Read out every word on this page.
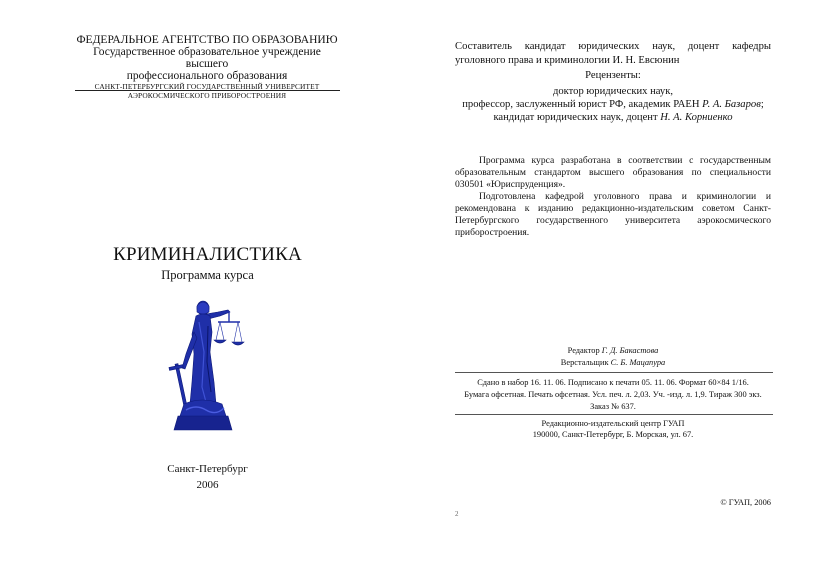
ФЕДЕРАЛЬНОЕ АГЕНТСТВО ПО ОБРАЗОВАНИЮ
Государственное образовательное учреждение высшего
профессионального образования
САНКТ-ПЕТЕРБУРГСКИЙ ГОСУДАРСТВЕННЫЙ УНИВЕРСИТЕТ
АЭРОКОСМИЧЕСКОГО ПРИБОРОСТРОЕНИЯ
КРИМИНАЛИСТИКА
Программа курса
Санкт-Петербург
2006
Составитель кандидат юридических наук, доцент кафедры уголовного права и криминологии И. Н. Евсюнин
Рецензенты:
доктор юридических наук,
профессор, заслуженный юрист РФ, академик РАЕН Р. А. Базаров;
кандидат юридических наук, доцент Н. А. Корниенко

Программа курса разработана в соответствии с государственным образовательным стандартом высшего образования по специальности 030501 «Юриспруденция».

Подготовлена кафедрой уголовного права и криминологии и рекомендована к изданию редакционно-издательским советом Санкт-Петербургского государственного университета аэрокосмического приборостроения.

Редактор Г. Д. Бакастова
Верстальщик С. Б. Мацапура
Сдано в набор 16. 11. 06. Подписано к печати 05. 11. 06. Формат 60×84 1/16.
Бумага офсетная. Печать офсетная. Усл. печ. л. 2,03. Уч. -изд. л. 1,9. Тираж 300 экз.
Заказ № 637.
Редакционно-издательский центр ГУАП
190000, Санкт-Петербург, Б. Морская, ул. 67.
© ГУАП, 2006
2
